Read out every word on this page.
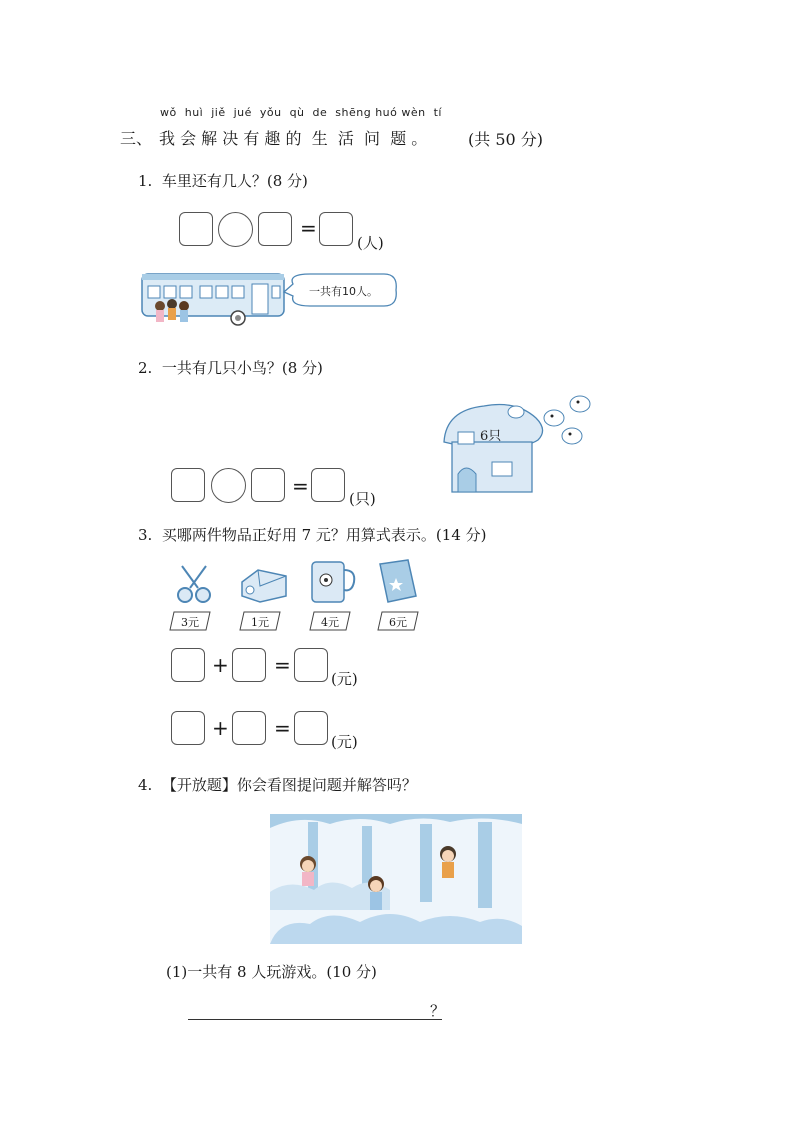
wǒ  huì  jiě  jué  yǒu  qù  de  shēng huó wèn  tí
三、 我 会 解 决 有 趣 的  生  活  问  题 。	(共 50 分)
1.  车里还有几人？(8 分)
=
(人)
一共有10人。
2.  一共有几只小鸟？(8 分)
6只
=
(只)
3.  买哪两件物品正好用 7 元？用算式表示。(14 分)
3元	1元	4元	6元
+ =
(元)
+ =
(元)
4.  【开放题】你会看图提问题并解答吗？
(1)一共有 8 人玩游戏。(10 分)
？
